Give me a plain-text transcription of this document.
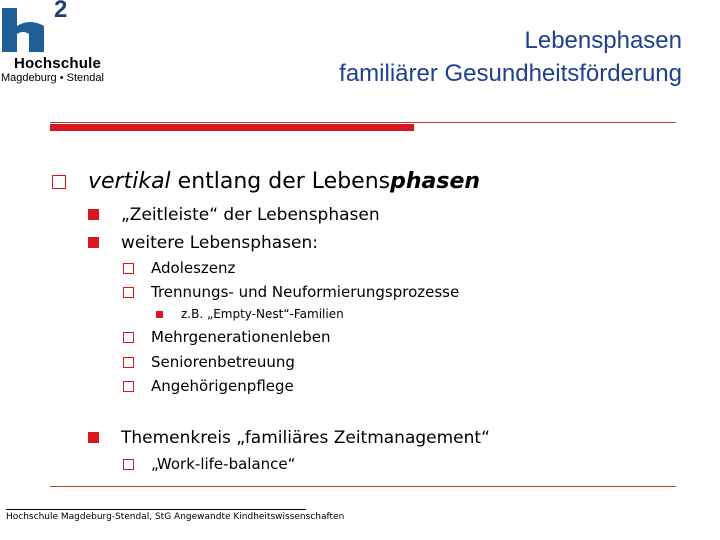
2
Hochschule
Magdeburg • Stendal
Lebensphasen
familiärer Gesundheitsförderung
vertikal entlang der Lebensphasen
„Zeitleiste“ der Lebensphasen
weitere Lebensphasen:
Adoleszenz
Trennungs- und Neuformierungsprozesse
z.B. „Empty-Nest“-Familien
Mehrgenerationenleben
Seniorenbetreuung
Angehörigenpflege
Themenkreis „familiäres Zeitmanagement“
„Work-life-balance“
Hochschule Magdeburg-Stendal, StG Angewandte Kindheitswissenschaften
